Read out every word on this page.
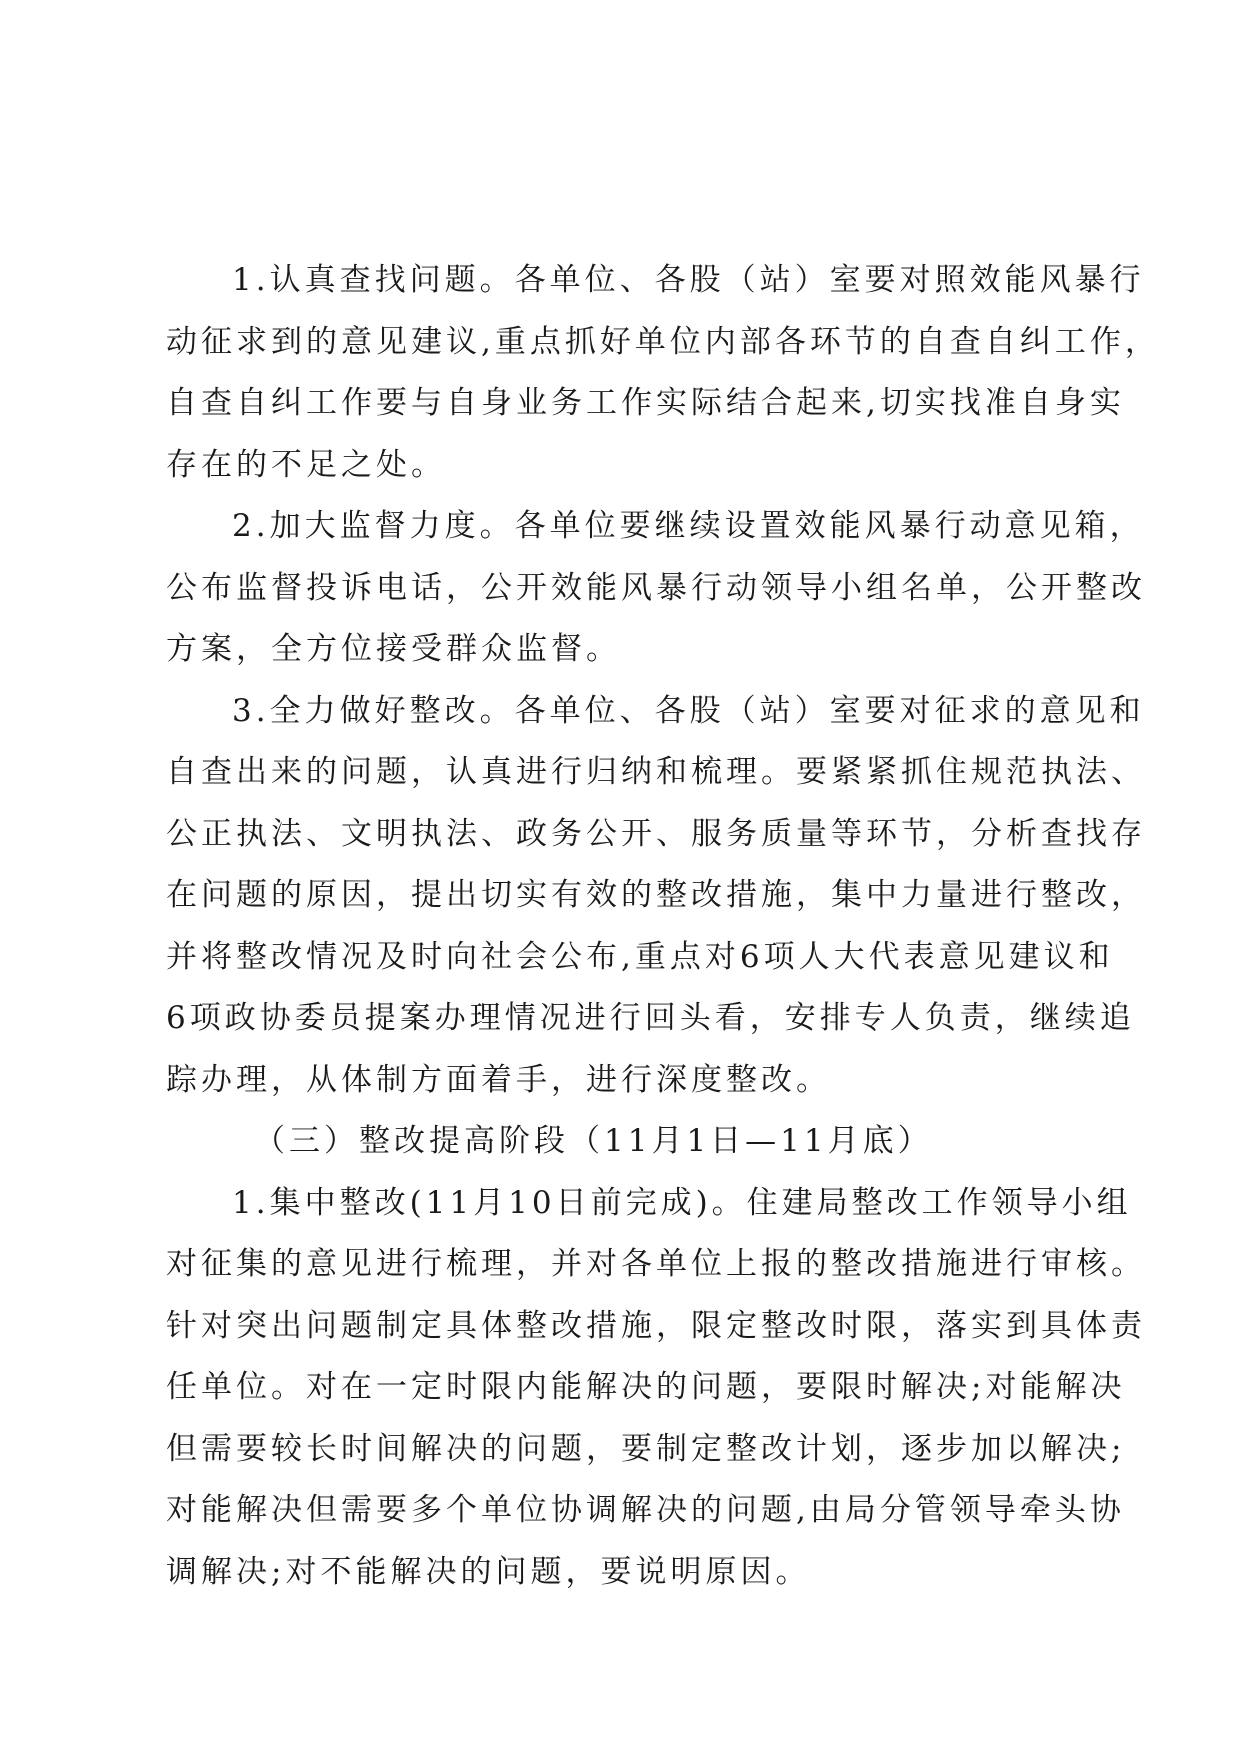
1.认真查找问题。各单位、各股（站）室要对照效能风暴行
动征求到的意见建议,重点抓好单位内部各环节的自查自纠工作，
自查自纠工作要与自身业务工作实际结合起来,切实找准自身实
存在的不足之处。
2.加大监督力度。各单位要继续设置效能风暴行动意见箱，
公布监督投诉电话，公开效能风暴行动领导小组名单，公开整改
方案，全方位接受群众监督。
3.全力做好整改。各单位、各股（站）室要对征求的意见和
自查出来的问题，认真进行归纳和梳理。要紧紧抓住规范执法、
公正执法、文明执法、政务公开、服务质量等环节，分析查找存
在问题的原因，提出切实有效的整改措施，集中力量进行整改，
并将整改情况及时向社会公布,重点对6项人大代表意见建议和
6项政协委员提案办理情况进行回头看，安排专人负责，继续追
踪办理，从体制方面着手，进行深度整改。
（三）整改提高阶段（11月1日—11月底）
1.集中整改(11月10日前完成)。住建局整改工作领导小组
对征集的意见进行梳理，并对各单位上报的整改措施进行审核。
针对突出问题制定具体整改措施，限定整改时限，落实到具体责
任单位。对在一定时限内能解决的问题，要限时解决;对能解决
但需要较长时间解决的问题，要制定整改计划，逐步加以解决;
对能解决但需要多个单位协调解决的问题,由局分管领导牵头协
调解决;对不能解决的问题，要说明原因。
